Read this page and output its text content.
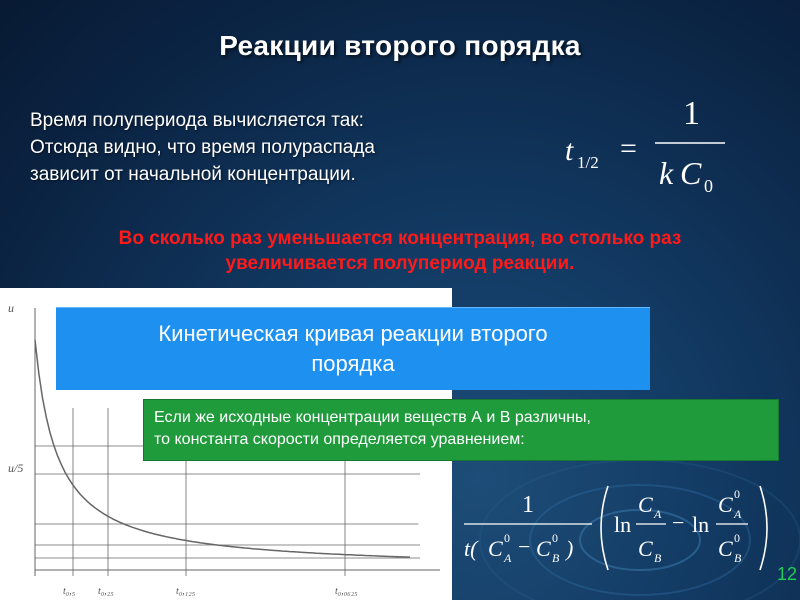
Реакции второго порядка
Время полупериода вычисляется так:
Отсюда видно, что время полураспада
зависит от начальной концентрации.
t 1/2 =
1
k C 0
Во сколько раз уменьшается концентрация, во столько раз
увеличивается полупериод реакции.
и
и/5
t₀,₅ t₀,₂₅	t₀,₁₂₅	t₀,₀₆₂₅
Кинетическая кривая реакции второго
порядка
Если же исходные концентрации веществ А и В различны,
то константа скорости определяется уравнением:
k =
1
t( C 0
A − C 0
B )
ln
C A
C B
− ln
C 0
A
C 0
B
12
